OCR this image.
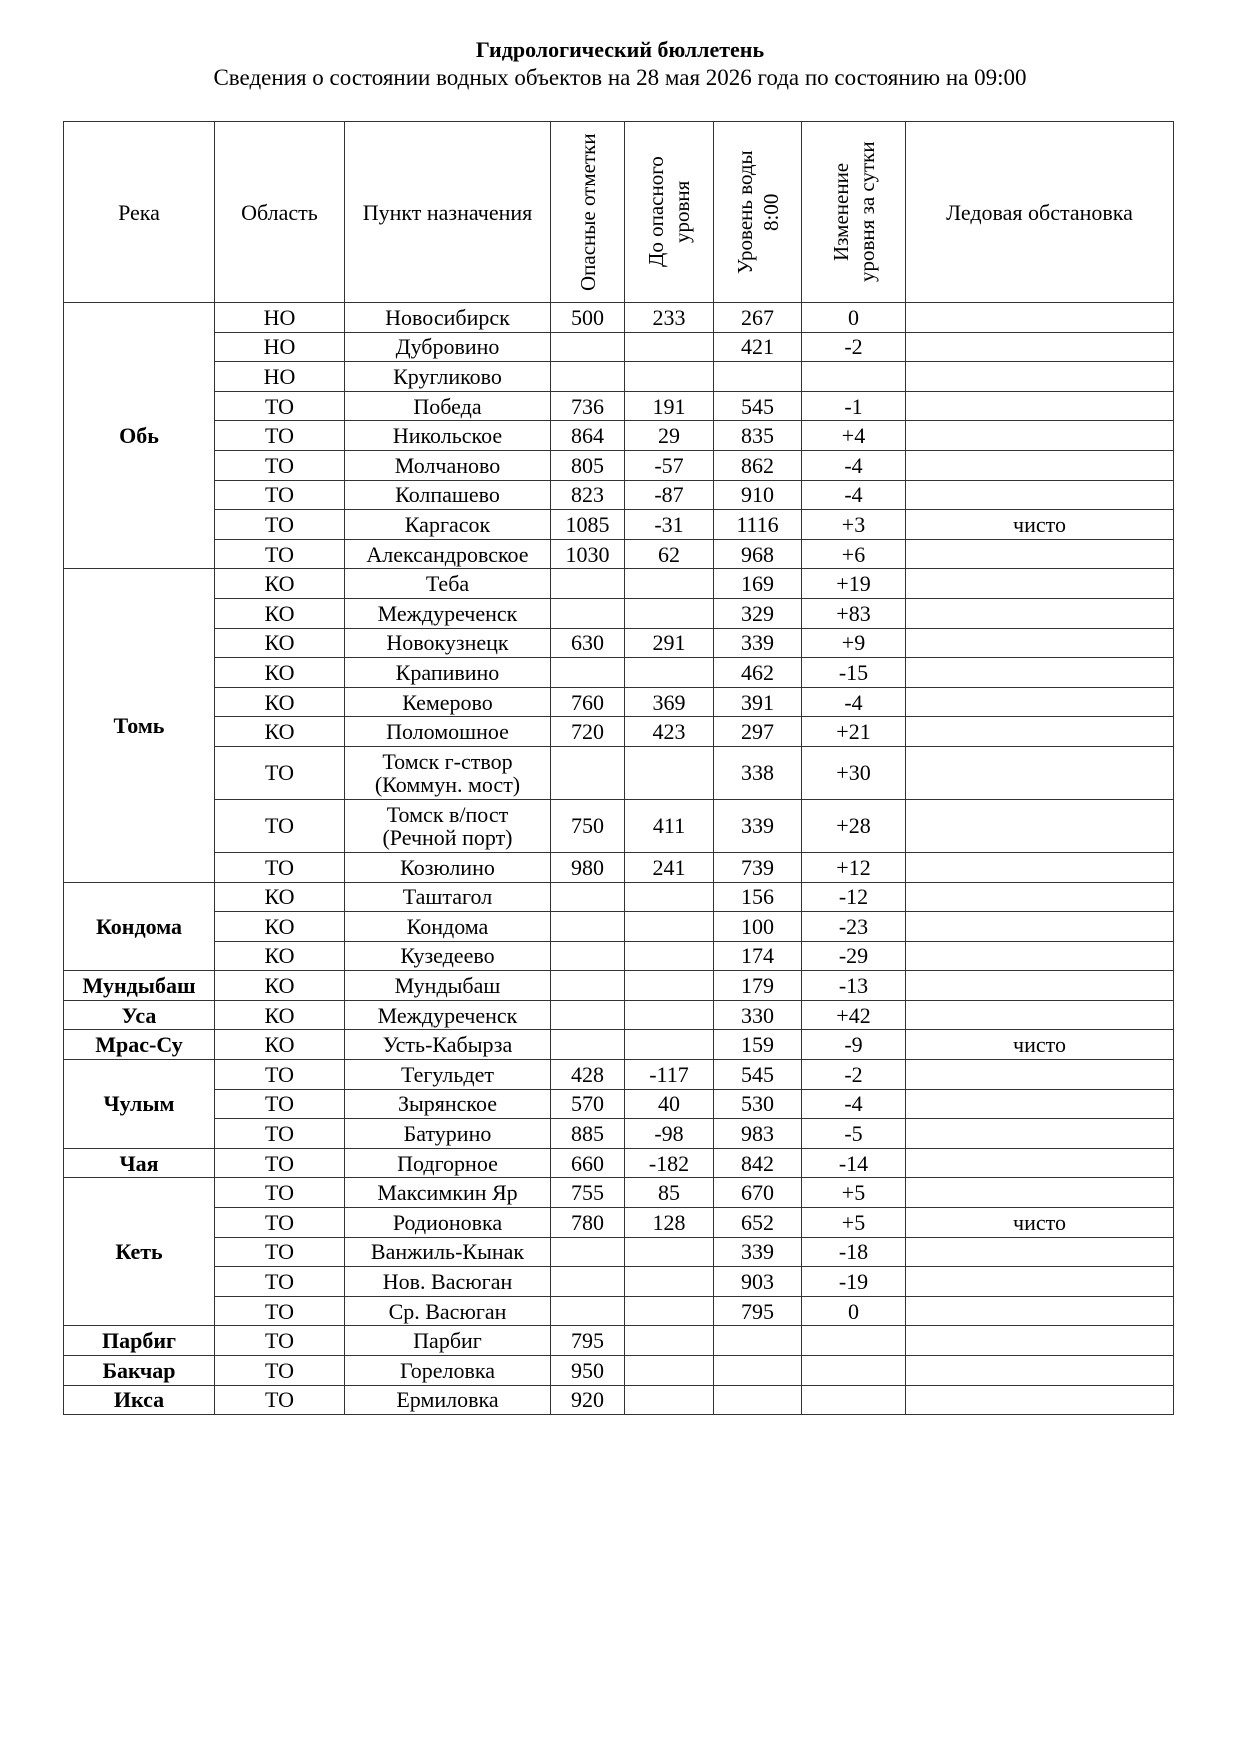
Гидрологический бюллетень
Сведения о состоянии водных объектов на 28 мая 2026 года по состоянию на 09:00
Река	Область	Пункт назначения	Опасные отметки	До опасного
уровня	Уровень воды
8:00	Изменение
уровня за сутки	Ледовая обстановка
Обь	НО	Новосибирск	500	233	267	0	
	НО	Дубровино			421	-2	
	НО	Кругликово					
	ТО	Победа	736	191	545	-1	
	ТО	Никольское	864	29	835	+4	
	ТО	Молчаново	805	-57	862	-4	
	ТО	Колпашево	823	-87	910	-4	
	ТО	Каргасок	1085	-31	1116	+3	чисто
	ТО	Александровское	1030	62	968	+6	
Томь	КО	Теба			169	+19	
	КО	Междуреченск			329	+83	
	КО	Новокузнецк	630	291	339	+9	
	КО	Крапивино			462	-15	
	КО	Кемерово	760	369	391	-4	
	КО	Поломошное	720	423	297	+21	
	ТО	Томск г-створ
(Коммун. мост)			338	+30	
	ТО	Томск в/пост
(Речной порт)	750	411	339	+28	
	ТО	Козюлино	980	241	739	+12	
Кондома	КО	Таштагол			156	-12	
	КО	Кондома			100	-23	
	КО	Кузедеево			174	-29	
Мундыбаш	КО	Мундыбаш			179	-13	
Уса	КО	Междуреченск			330	+42	
Мрас-Су	КО	Усть-Кабырза			159	-9	чисто
Чулым	ТО	Тегульдет	428	-117	545	-2	
	ТО	Зырянское	570	40	530	-4	
	ТО	Батурино	885	-98	983	-5	
Чая	ТО	Подгорное	660	-182	842	-14	
Кеть	ТО	Максимкин Яр	755	85	670	+5	
	ТО	Родионовка	780	128	652	+5	чисто
	ТО	Ванжиль-Кынак			339	-18	
	ТО	Нов. Васюган			903	-19	
	ТО	Ср. Васюган			795	0	
Парбиг	ТО	Парбиг	795				
Бакчар	ТО	Гореловка	950				
Икса	ТО	Ермиловка	920				
